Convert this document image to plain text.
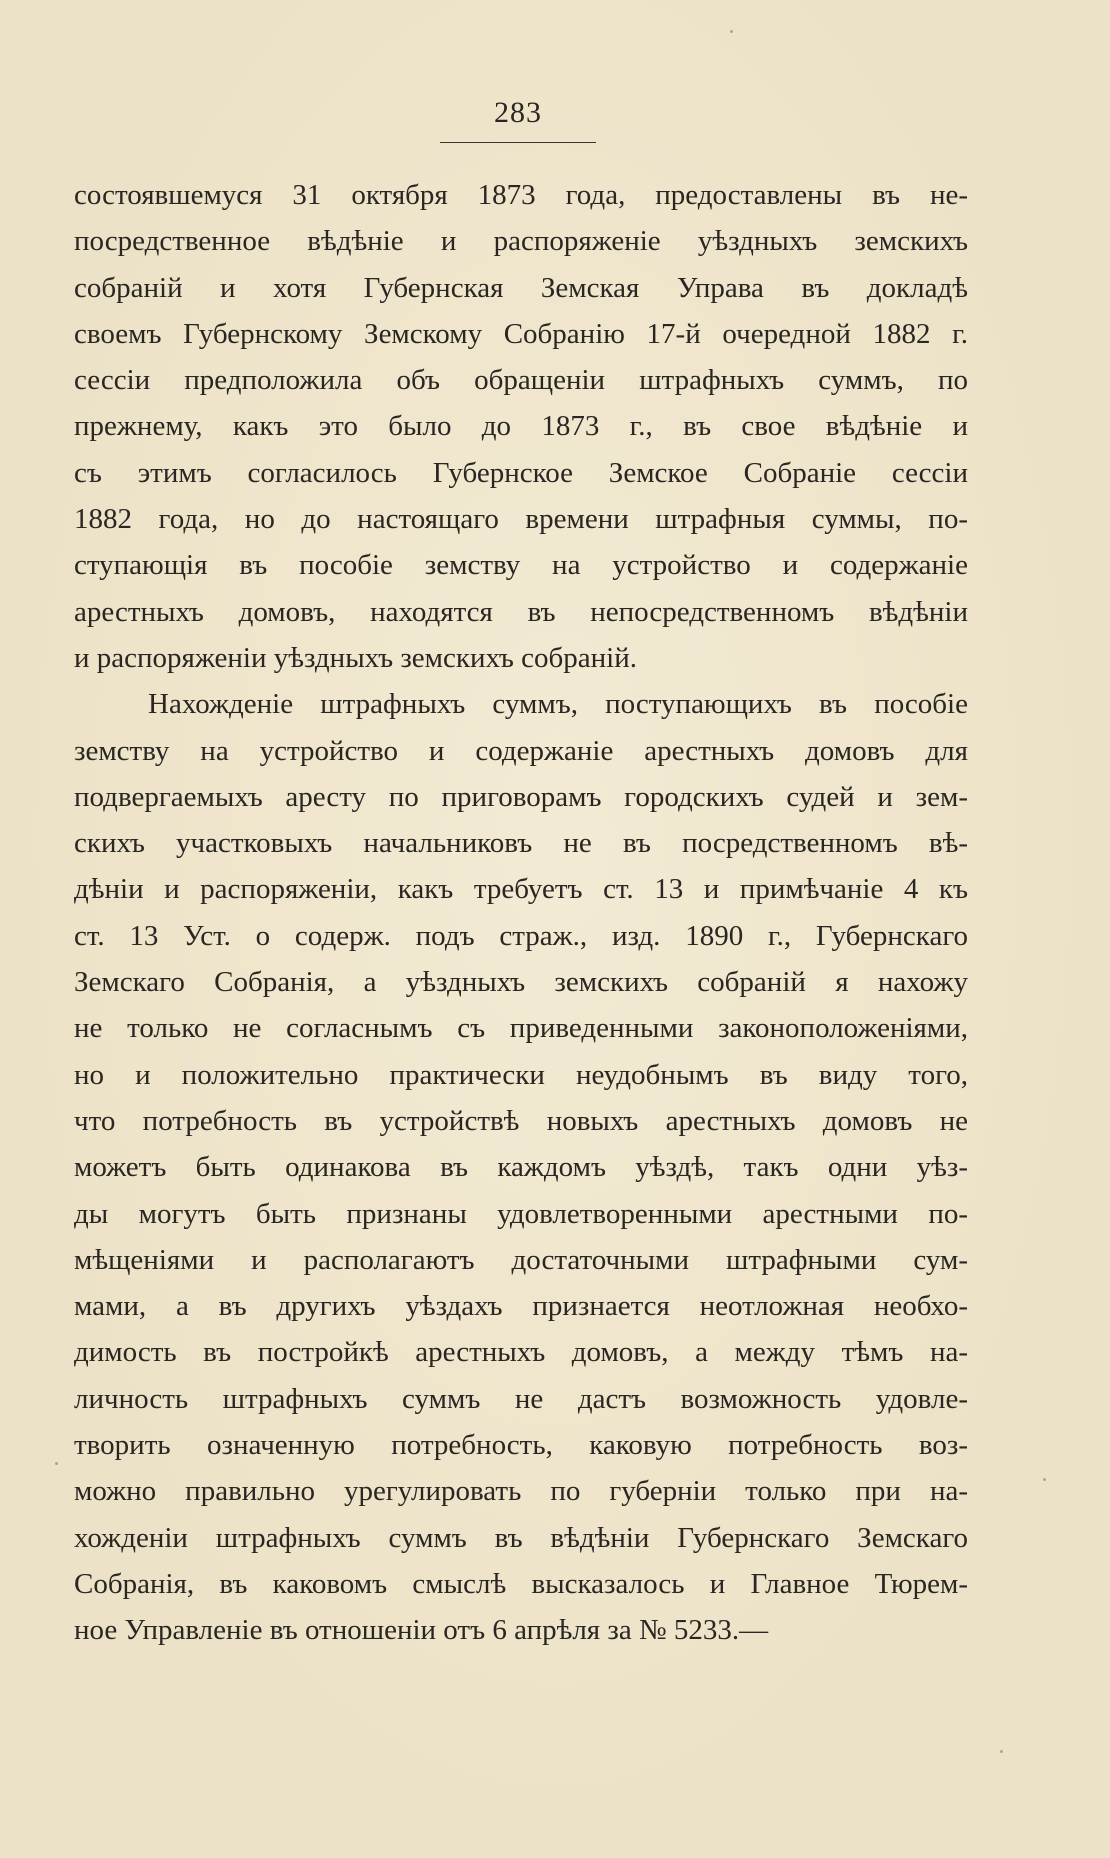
283
состоявшемуся 31 октября 1873 года, предоставлены въ не-
посредственное вѣдѣніе и распоряженіе уѣздныхъ земскихъ
собраній и хотя Губернская Земская Управа въ докладѣ
своемъ Губернскому Земскому Собранію 17-й очередной 1882 г.
сессіи предположила объ обращеніи штрафныхъ суммъ, по
прежнему, какъ это было до 1873 г., въ свое вѣдѣніе и
съ этимъ согласилось Губернское Земское Собраніе сессіи
1882 года, но до настоящаго времени штрафныя суммы, по-
ступающія въ пособіе земству на устройство и содержаніе
арестныхъ домовъ, находятся въ непосредственномъ вѣдѣніи
и распоряженіи уѣздныхъ земскихъ собраній.
Нахожденіе штрафныхъ суммъ, поступающихъ въ пособіе
земству на устройство и содержаніе арестныхъ домовъ для
подвергаемыхъ аресту по приговорамъ городскихъ судей и зем-
скихъ участковыхъ начальниковъ не въ посредственномъ вѣ-
дѣніи и распоряженіи, какъ требуетъ ст. 13 и примѣчаніе 4 къ
ст. 13 Уст. о содерж. подъ страж., изд. 1890 г., Губернскаго
Земскаго Собранія, а уѣздныхъ земскихъ собраній я нахожу
не только не согласнымъ съ приведенными законоположеніями,
но и положительно практически неудобнымъ въ виду того,
что потребность въ устройствѣ новыхъ арестныхъ домовъ не
можетъ быть одинакова въ каждомъ уѣздѣ, такъ одни уѣз-
ды могутъ быть признаны удовлетворенными арестными по-
мѣщеніями и располагаютъ достаточными штрафными сум-
мами, а въ другихъ уѣздахъ признается неотложная необхо-
димость въ постройкѣ арестныхъ домовъ, а между тѣмъ на-
личность штрафныхъ суммъ не дастъ возможность удовле-
творить означенную потребность, каковую потребность воз-
можно правильно урегулировать по губерніи только при на-
хожденіи штрафныхъ суммъ въ вѣдѣніи Губернскаго Земскаго
Собранія, въ каковомъ смыслѣ высказалось и Главное Тюрем-
ное Управленіе въ отношеніи отъ 6 апрѣля за № 5233.—
